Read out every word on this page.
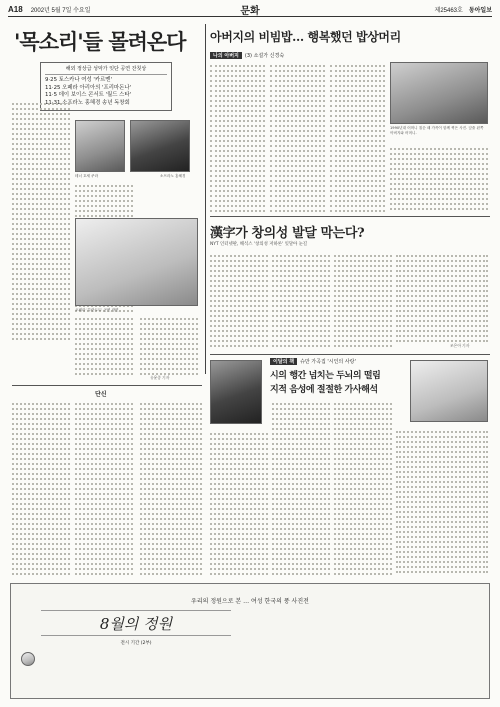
A18 2002년 5월 7일 수요일	문화	제25463호 동아일보
'목소리'들 몰려온다
해외 정상급 성악가 잇단 공연 잔칫상
9·25 토스카나 여성 '카르멘'
11·25 오페라 아리아의 '프리마돈나'
11·5 데이 보이스 콘서트 '월드 스타'
11·31 소프라노 홍혜경 송년 독창회
테너 호세 쿠라	소프라노 홍혜경
오페라 '투란도트' 공연 장면
유윤종 기자
아버지의 비빔밥… 행복했던 밥상머리
나의 아버지	(3) 소설가 신경숙
1990년대 어머니 칠순 때 가족이 함께 찍은 사진. 앞줄 왼쪽 아버지와 어머니.
漢字가 창의성 발달 막는다?
NYT 인터넷판, 해석스 '창의성 저하론' 잇달아 눈길
조은아 기자
이달의 책	슈만 가곡집 '시인의 사랑'
시의 행간 넘치는 두뇌의 떨림
지적 음성에 절절한 가사해석
단신
우리의 정원으로 본 … 여성 한국의 풍 사진전
8월의 정원
전시 기간 (2부)
